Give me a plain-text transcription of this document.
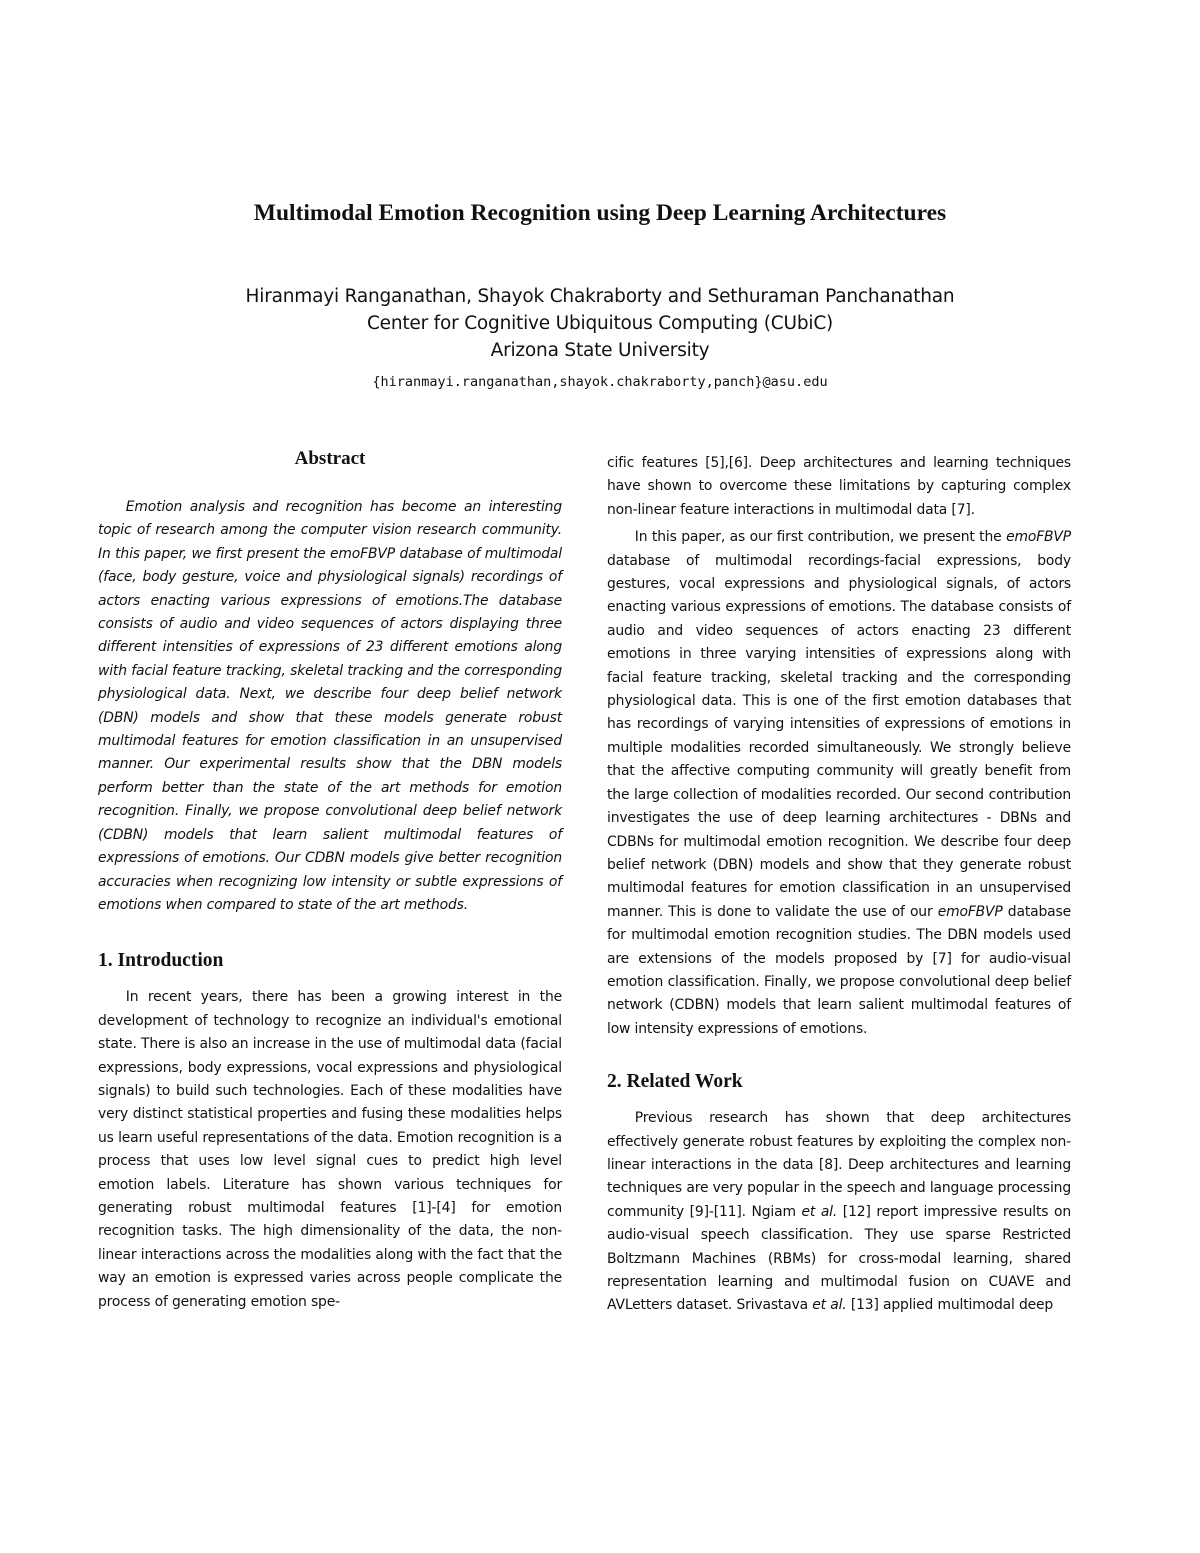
Multimodal Emotion Recognition using Deep Learning Architectures
Hiranmayi Ranganathan, Shayok Chakraborty and Sethuraman Panchanathan
Center for Cognitive Ubiquitous Computing (CUbiC)
Arizona State University
{hiranmayi.ranganathan,shayok.chakraborty,panch}@asu.edu
Abstract

Emotion analysis and recognition has become an interesting topic of research among the computer vision research community. In this paper, we first present the emoFBVP database of multimodal (face, body gesture, voice and physiological signals) recordings of actors enacting various expressions of emotions.The database consists of audio and video sequences of actors displaying three different intensities of expressions of 23 different emotions along with facial feature tracking, skeletal tracking and the corresponding physiological data. Next, we describe four deep belief network (DBN) models and show that these models generate robust multimodal features for emotion classification in an unsupervised manner. Our experimental results show that the DBN models perform better than the state of the art methods for emotion recognition. Finally, we propose convolutional deep belief network (CDBN) models that learn salient multimodal features of expressions of emotions. Our CDBN models give better recognition accuracies when recognizing low intensity or subtle expressions of emotions when compared to state of the art methods.

1. Introduction

In recent years, there has been a growing interest in the development of technology to recognize an individual's emotional state. There is also an increase in the use of multimodal data (facial expressions, body expressions, vocal expressions and physiological signals) to build such technologies. Each of these modalities have very distinct statistical properties and fusing these modalities helps us learn useful representations of the data. Emotion recognition is a process that uses low level signal cues to predict high level emotion labels. Literature has shown various techniques for generating robust multimodal features [1]-[4] for emotion recognition tasks. The high dimensionality of the data, the non-linear interactions across the modalities along with the fact that the way an emotion is expressed varies across people complicate the process of generating emotion spe-

cific features [5],[6]. Deep architectures and learning techniques have shown to overcome these limitations by capturing complex non-linear feature interactions in multimodal data [7].

In this paper, as our first contribution, we present the emoFBVP database of multimodal recordings-facial expressions, body gestures, vocal expressions and physiological signals, of actors enacting various expressions of emotions. The database consists of audio and video sequences of actors enacting 23 different emotions in three varying intensities of expressions along with facial feature tracking, skeletal tracking and the corresponding physiological data. This is one of the first emotion databases that has recordings of varying intensities of expressions of emotions in multiple modalities recorded simultaneously. We strongly believe that the affective computing community will greatly benefit from the large collection of modalities recorded. Our second contribution investigates the use of deep learning architectures - DBNs and CDBNs for multimodal emotion recognition. We describe four deep belief network (DBN) models and show that they generate robust multimodal features for emotion classification in an unsupervised manner. This is done to validate the use of our emoFBVP database for multimodal emotion recognition studies. The DBN models used are extensions of the models proposed by [7] for audio-visual emotion classification. Finally, we propose convolutional deep belief network (CDBN) models that learn salient multimodal features of low intensity expressions of emotions.

2. Related Work

Previous research has shown that deep architectures effectively generate robust features by exploiting the complex non-linear interactions in the data [8]. Deep architectures and learning techniques are very popular in the speech and language processing community [9]-[11]. Ngiam et al. [12] report impressive results on audio-visual speech classification. They use sparse Restricted Boltzmann Machines (RBMs) for cross-modal learning, shared representation learning and multimodal fusion on CUAVE and AVLetters dataset. Srivastava et al. [13] applied multimodal deep
